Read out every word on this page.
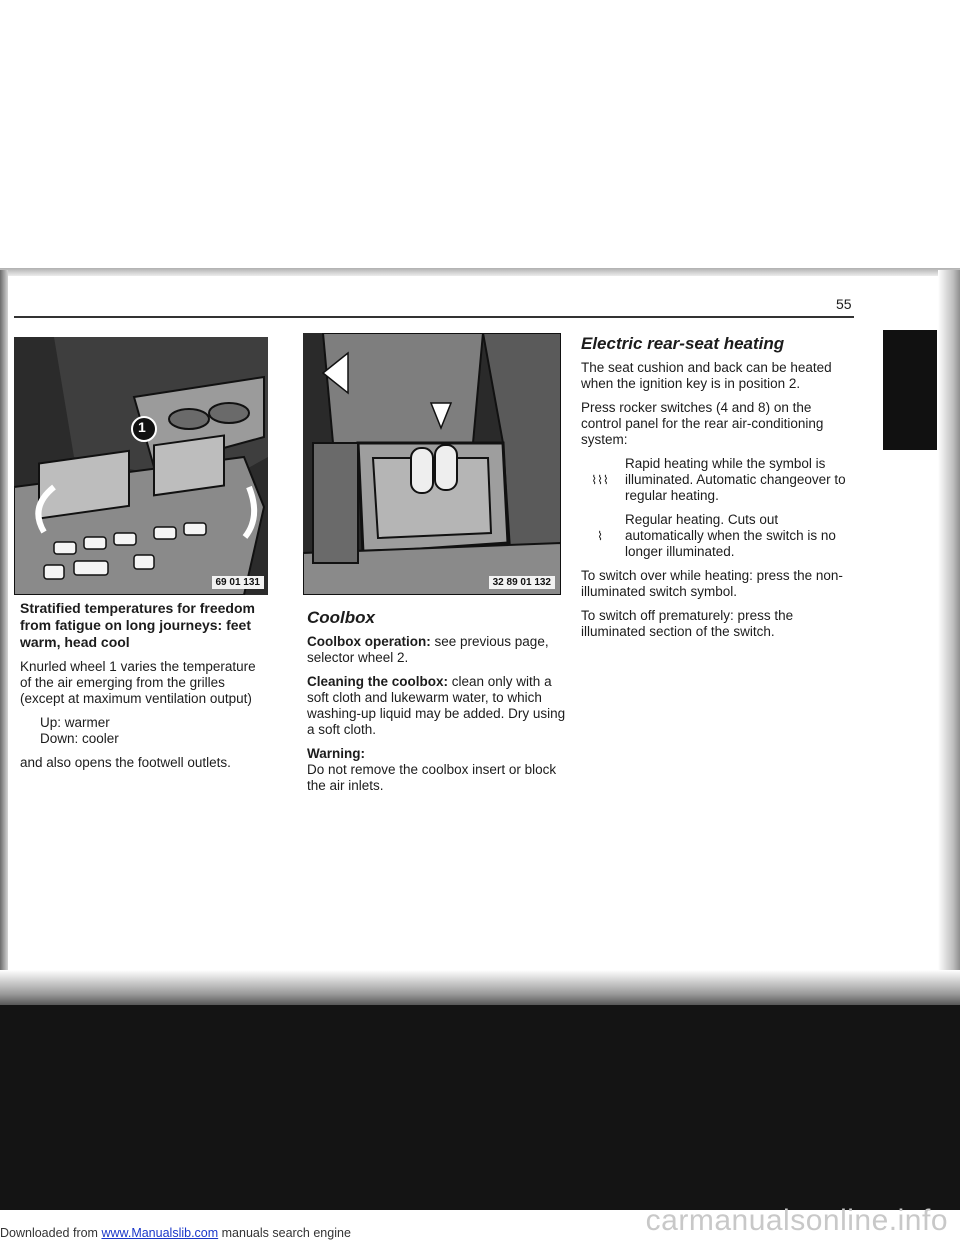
55
1
69 01 131	32 89 01 132

Stratified temperatures for freedom from fatigue on long journeys: feet warm, head cool

Knurled wheel 1 varies the temperature of the air emerging from the grilles (except at maximum ventilation output)

Up: warmer

Down: cooler

and also opens the footwell outlets.

Coolbox

Coolbox operation: see previous page, selector wheel 2.

Cleaning the coolbox: clean only with a soft cloth and lukewarm water, to which washing-up liquid may be added. Dry using a soft cloth.

Warning:

Do not remove the coolbox insert or block the air inlets.

Electric rear-seat heating

The seat cushion and back can be heated when the ignition key is in position 2.

Press rocker switches (4 and 8) on the control panel for the rear air-conditioning system:

⌇⌇⌇
Rapid heating while the symbol is illuminated. Automatic changeover to regular heating.
⌇
Regular heating. Cuts out automatically when the switch is no longer illuminated.

To switch over while heating: press the non-illuminated switch symbol.

To switch off prematurely: press the illuminated section of the switch.

Downloaded from www.Manualslib.com manuals search engine	carmanualsonline.info
